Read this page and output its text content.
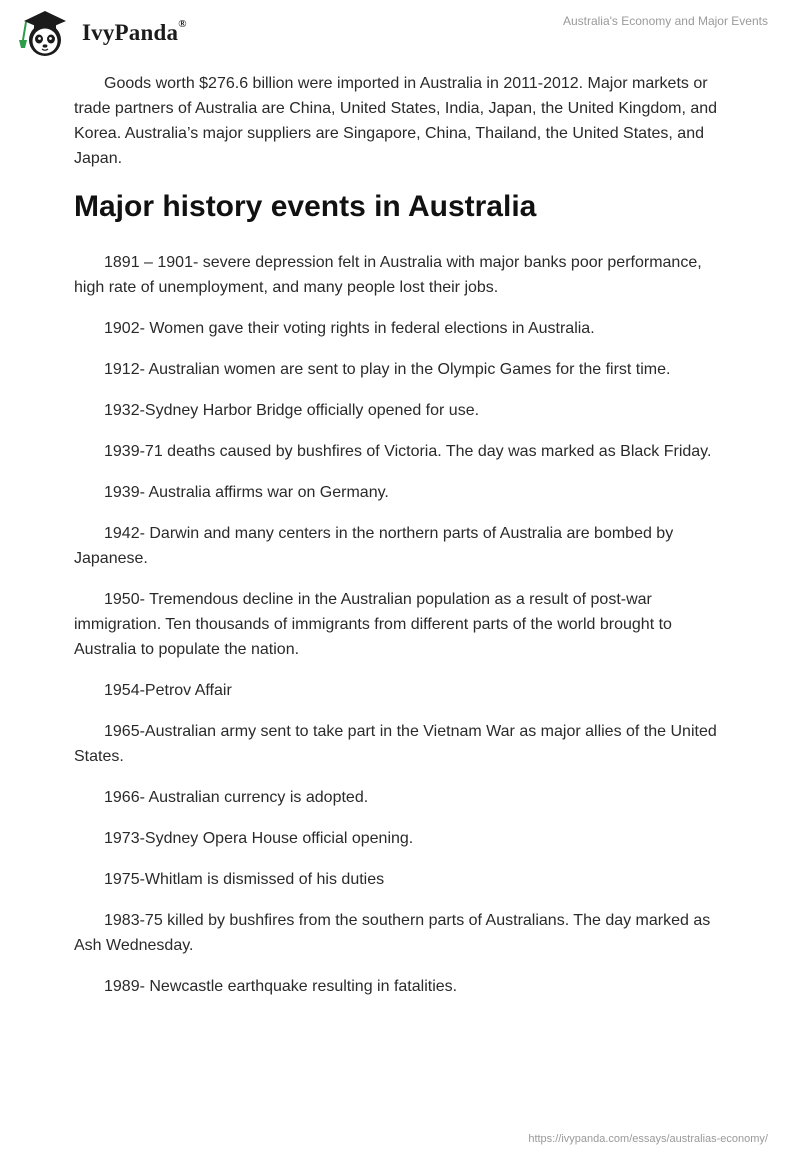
IvyPanda®	Australia's Economy and Major Events

Goods worth $276.6 billion were imported in Australia in 2011-2012. Major markets or trade partners of Australia are China, United States, India, Japan, the United Kingdom, and Korea. Australia’s major suppliers are Singapore, China, Thailand, the United States, and Japan.

Major history events in Australia

1891 – 1901- severe depression felt in Australia with major banks poor performance, high rate of unemployment, and many people lost their jobs.

1902- Women gave their voting rights in federal elections in Australia.

1912- Australian women are sent to play in the Olympic Games for the first time.

1932-Sydney Harbor Bridge officially opened for use.

1939-71 deaths caused by bushfires of Victoria. The day was marked as Black Friday.

1939- Australia affirms war on Germany.

1942- Darwin and many centers in the northern parts of Australia are bombed by Japanese.

1950- Tremendous decline in the Australian population as a result of post-war immigration. Ten thousands of immigrants from different parts of the world brought to Australia to populate the nation.

1954-Petrov Affair

1965-Australian army sent to take part in the Vietnam War as major allies of the United States.

1966- Australian currency is adopted.

1973-Sydney Opera House official opening.

1975-Whitlam is dismissed of his duties

1983-75 killed by bushfires from the southern parts of Australians. The day marked as Ash Wednesday.

1989- Newcastle earthquake resulting in fatalities.

https://ivypanda.com/essays/australias-economy/
